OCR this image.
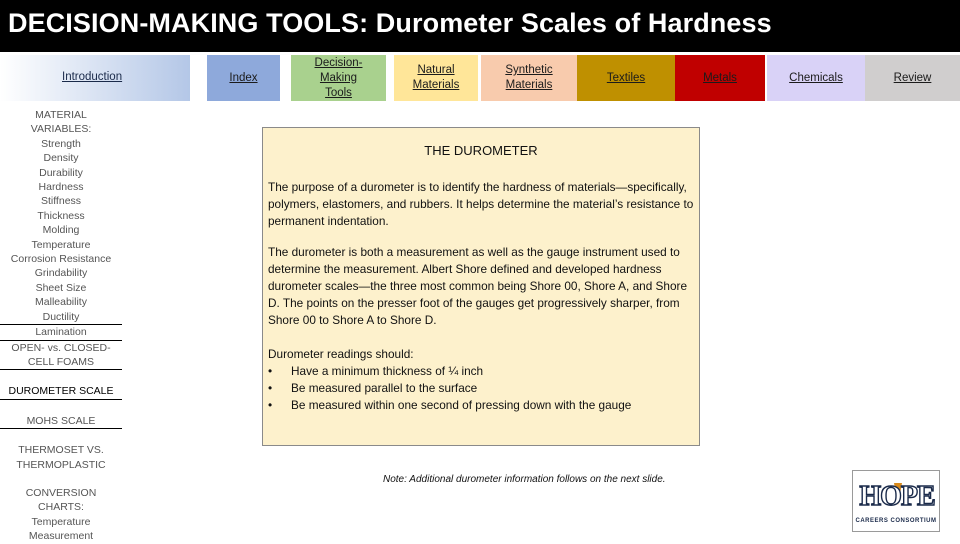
DECISION-MAKING TOOLS: Durometer Scales of Hardness
Introduction	Index
Decision-
Making
Tools
Natural
Materials
Synthetic
Materials
Textiles	Metals	Chemicals	Review
MATERIAL
VARIABLES:
Strength
Density
Durability
Hardness
Stiffness
Thickness
Molding
Temperature
Corrosion Resistance
Grindability
Sheet Size
Malleability
Ductility
Lamination
OPEN- vs. CLOSED-
CELL FOAMS
DUROMETER SCALE
MOHS SCALE
THERMOSET VS.
THERMOPLASTIC
CONVERSION
CHARTS:
Temperature
Measurement
THE DUROMETER

The purpose of a durometer is to identify the hardness of materials—specifically, polymers, elastomers, and rubbers. It helps determine the material’s resistance to permanent indentation.

The durometer is both a measurement as well as the gauge instrument used to determine the measurement. Albert Shore defined and developed hardness durometer scales—the three most common being Shore 00, Shore A, and Shore D. The points on the presser foot of the gauges get progressively sharper, from Shore 00 to Shore A to Shore D.

Durometer readings should:

• Have a minimum thickness of ¼ inch
• Be measured parallel to the surface
• Be measured within one second of pressing down with the gauge
Note: Additional durometer information follows on the next slide.
HOPE
CAREERS CONSORTIUM
